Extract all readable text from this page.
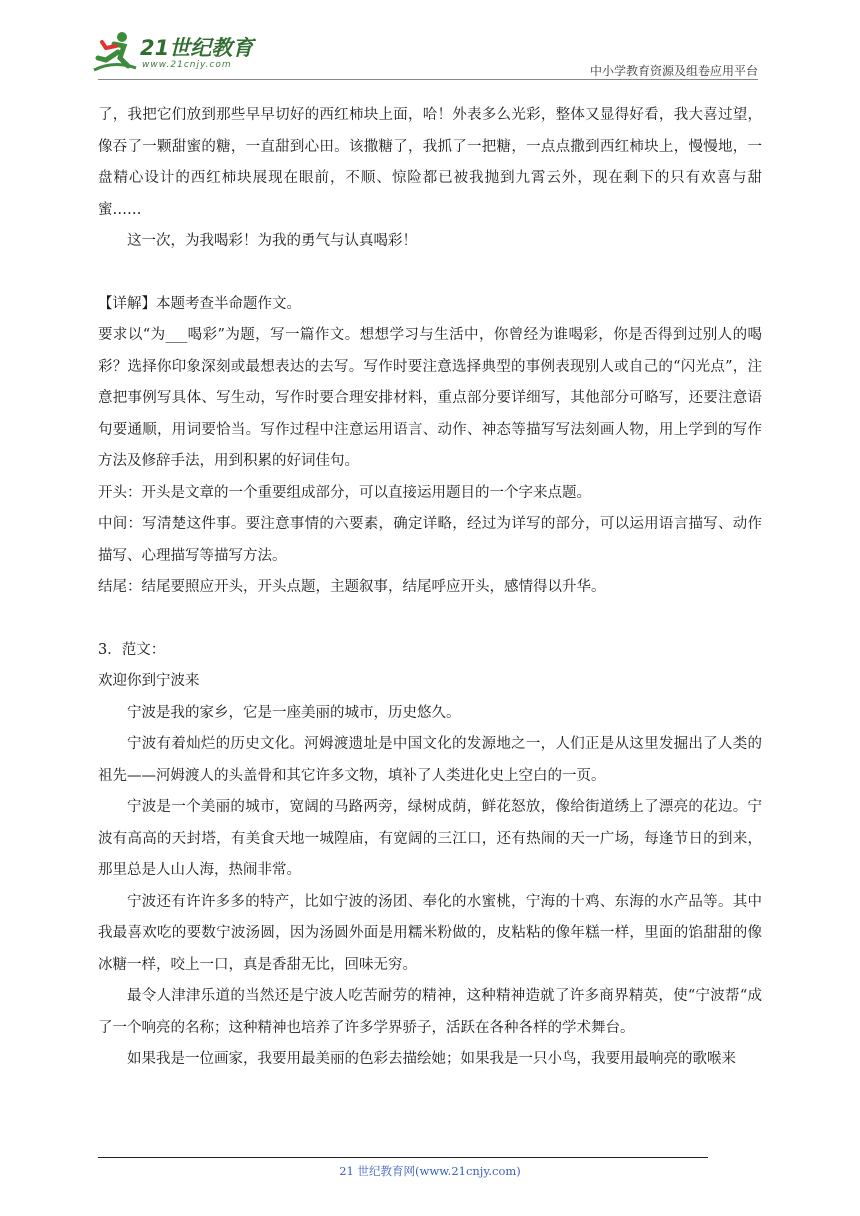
21世纪教育
www.21cnjy.com	中小学教育资源及组卷应用平台

了，我把它们放到那些早早切好的西红柿块上面，哈！外表多么光彩，整体又显得好看，我大喜过望，像吞了一颗甜蜜的糖，一直甜到心田。该撒糖了，我抓了一把糖，一点点撒到西红柿块上，慢慢地，一盘精心设计的西红柿块展现在眼前，不顺、惊险都已被我抛到九霄云外，现在剩下的只有欢喜与甜蜜……

这一次，为我喝彩！为我的勇气与认真喝彩！

【详解】本题考查半命题作文。

要求以“为___喝彩”为题，写一篇作文。想想学习与生活中，你曾经为谁喝彩，你是否得到过别人的喝彩？选择你印象深刻或最想表达的去写。写作时要注意选择典型的事例表现别人或自己的“闪光点”，注意把事例写具体、写生动，写作时要合理安排材料，重点部分要详细写，其他部分可略写，还要注意语句要通顺，用词要恰当。写作过程中注意运用语言、动作、神态等描写写法刻画人物，用上学到的写作方法及修辞手法，用到积累的好词佳句。

开头：开头是文章的一个重要组成部分，可以直接运用题目的一个字来点题。

中间：写清楚这件事。要注意事情的六要素，确定详略，经过为详写的部分，可以运用语言描写、动作描写、心理描写等描写方法。

结尾：结尾要照应开头，开头点题，主题叙事，结尾呼应开头，感情得以升华。

3．范文：

欢迎你到宁波来

宁波是我的家乡，它是一座美丽的城市，历史悠久。

宁波有着灿烂的历史文化。河姆渡遗址是中国文化的发源地之一，人们正是从这里发掘出了人类的祖先——河姆渡人的头盖骨和其它许多文物，填补了人类进化史上空白的一页。

宁波是一个美丽的城市，宽阔的马路两旁，绿树成荫，鲜花怒放，像给街道绣上了漂亮的花边。宁波有高高的天封塔，有美食天地一城隍庙，有宽阔的三江口，还有热闹的天一广场，每逢节日的到来，那里总是人山人海，热闹非常。

宁波还有许许多多的特产，比如宁波的汤团、奉化的水蜜桃，宁海的十鸡、东海的水产品等。其中我最喜欢吃的要数宁波汤圆，因为汤圆外面是用糯米粉做的，皮粘粘的像年糕一样，里面的馅甜甜的像冰糖一样，咬上一口，真是香甜无比，回味无穷。

最令人津津乐道的当然还是宁波人吃苦耐劳的精神，这种精神造就了许多商界精英，使“宁波帮“成了一个响亮的名称；这种精神也培养了许多学界骄子，活跃在各种各样的学术舞台。

如果我是一位画家，我要用最美丽的色彩去描绘她；如果我是一只小鸟，我要用最响亮的歌喉来

21 世纪教育网(www.21cnjy.com)
